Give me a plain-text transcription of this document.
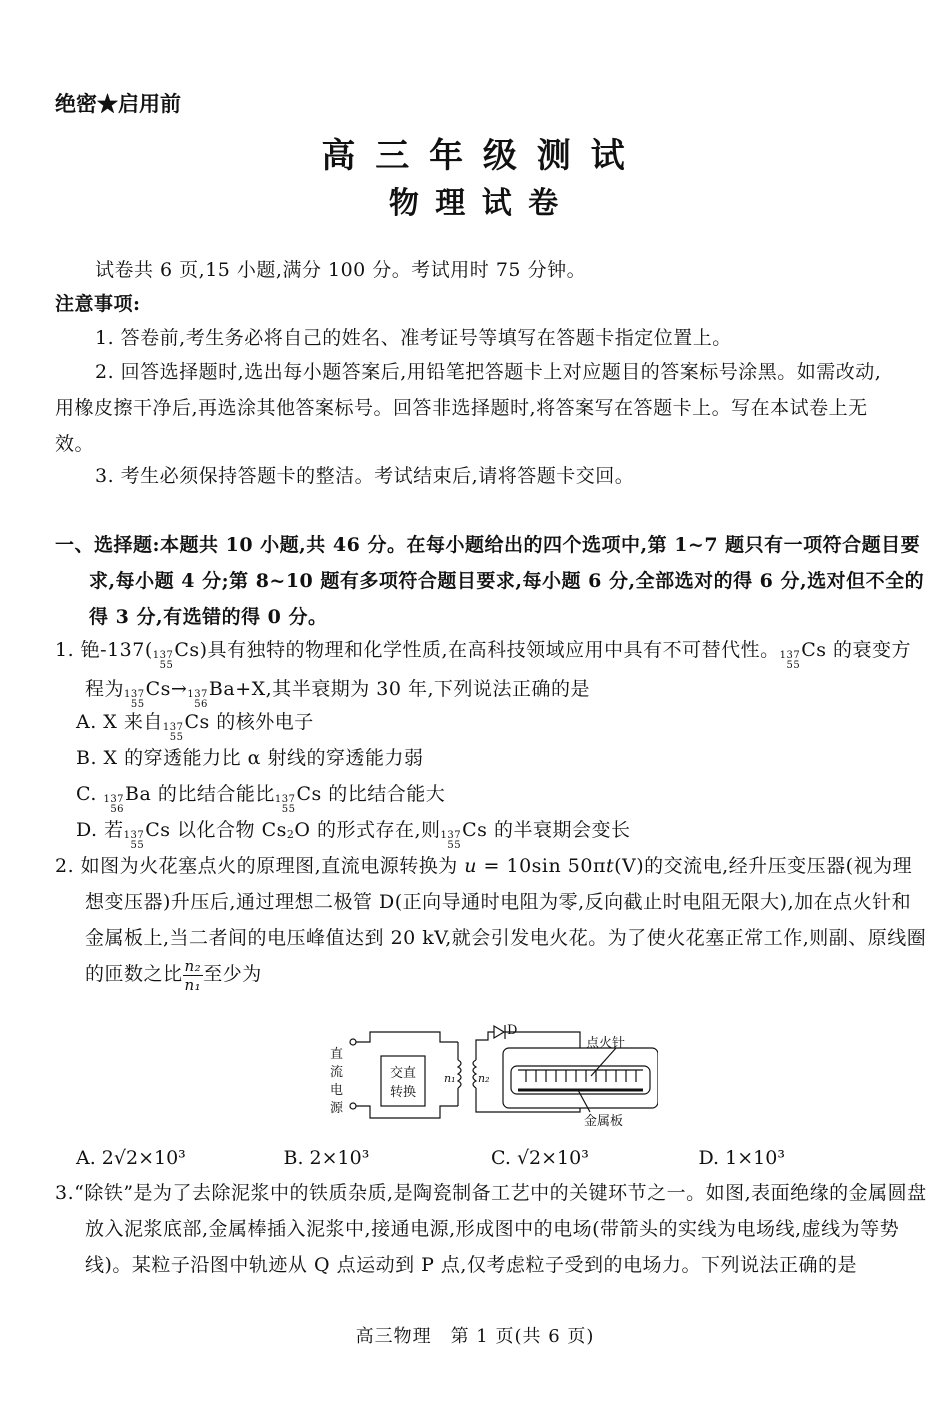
绝密★启用前
高 三 年 级 测 试
物 理 试 卷
试卷共 6 页,15 小题,满分 100 分。考试用时 75 分钟。
注意事项:
1. 答卷前,考生务必将自己的姓名、准考证号等填写在答题卡指定位置上。
2. 回答选择题时,选出每小题答案后,用铅笔把答题卡上对应题目的答案标号涂黑。如需改动,用橡皮擦干净后,再选涂其他答案标号。回答非选择题时,将答案写在答题卡上。写在本试卷上无效。
3. 考生必须保持答题卡的整洁。考试结束后,请将答题卡交回。
一、选择题:本题共 10 小题,共 46 分。在每小题给出的四个选项中,第 1~7 题只有一项符合题目要求,每小题 4 分;第 8~10 题有多项符合题目要求,每小题 6 分,全部选对的得 6 分,选对但不全的得 3 分,有选错的得 0 分。
1. 铯-137( 137
55
Cs)具有独特的物理和化学性质,在高科技领域应用中具有不可替代性。 137
55
Cs 的衰变方程为 137
55
Cs→ 137
56
Ba+X,其半衰期为 30 年,下列说法正确的是
A. X 来自 137
55
Cs 的核外电子
B. X 的穿透能力比 α 射线的穿透能力弱
C. 137
56
Ba 的比结合能比 137
55
Cs 的比结合能大
D. 若 137
55
Cs 以化合物 Cs2O 的形式存在,则 137
55
Cs 的半衰期会变长
2. 如图为火花塞点火的原理图,直流电源转换为 u = 10sin 50πt(V)的交流电,经升压变压器(视为理想变压器)升压后,通过理想二极管 D(正向导通时电阻为零,反向截止时电阻无限大),加在点火针和金属板上,当二者间的电压峰值达到 20 kV,就会引发电火花。为了使火花塞正常工作,则副、原线圈的匝数之比 $\frac{\text{n₂}}{\text{n₁}}$ 至少为
直
流
电
源
交直
转换
n₁ n₂
D
点火针
金属板
A. 2√2×10³	B. 2×10³	C. √2×10³	D. 1×10³
3.“除铁”是为了去除泥浆中的铁质杂质,是陶瓷制备工艺中的关键环节之一。如图,表面绝缘的金属圆盘放入泥浆底部,金属棒插入泥浆中,接通电源,形成图中的电场(带箭头的实线为电场线,虚线为等势线)。某粒子沿图中轨迹从 Q 点运动到 P 点,仅考虑粒子受到的电场力。下列说法正确的是
高三物理　第 1 页(共 6 页)
